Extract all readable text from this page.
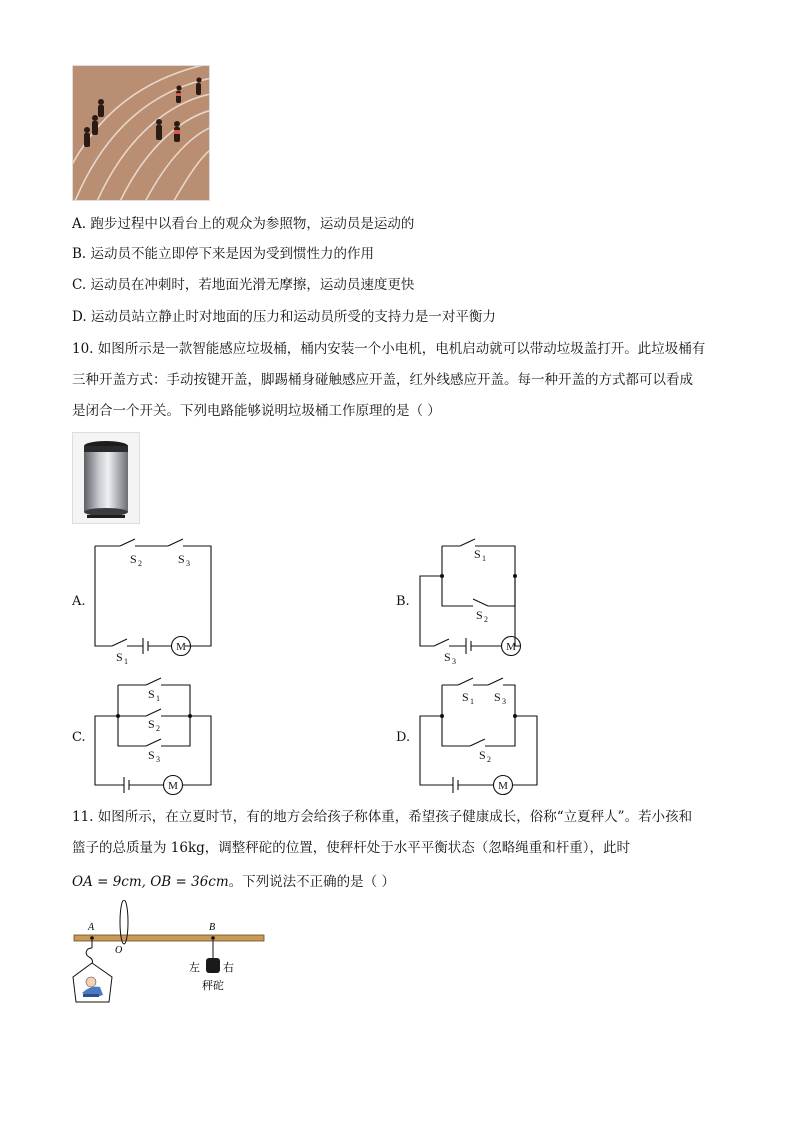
A. 跑步过程中以看台上的观众为参照物，运动员是运动的
B. 运动员不能立即停下来是因为受到惯性力的作用
C. 运动员在冲刺时，若地面光滑无摩擦，运动员速度更快
D. 运动员站立静止时对地面的压力和运动员所受的支持力是一对平衡力
10. 如图所示是一款智能感应垃圾桶，桶内安装一个小电机，电机启动就可以带动垃圾盖打开。此垃圾桶有
三种开盖方式：手动按键开盖，脚踢桶身碰触感应开盖，红外线感应开盖。每一种开盖的方式都可以看成
是闭合一个开关。下列电路能够说明垃圾桶工作原理的是（ ）
M	M
M	M
S 2	S 3
S 1
S 1
S 2
S 3
S 1
S 2
S 3
S 1 S 3
S 2
A.	B.
C.	D.
11. 如图所示，在立夏时节，有的地方会给孩子称体重，希望孩子健康成长，俗称“立夏秤人”。若小孩和
篮子的总质量为 16kg，调整秤砣的位置，使秤杆处于水平平衡状态（忽略绳重和杆重），此时
OA = 9cm, OB = 36cm。下列说法不正确的是（ ）
A
O
B
左 右
秤砣
